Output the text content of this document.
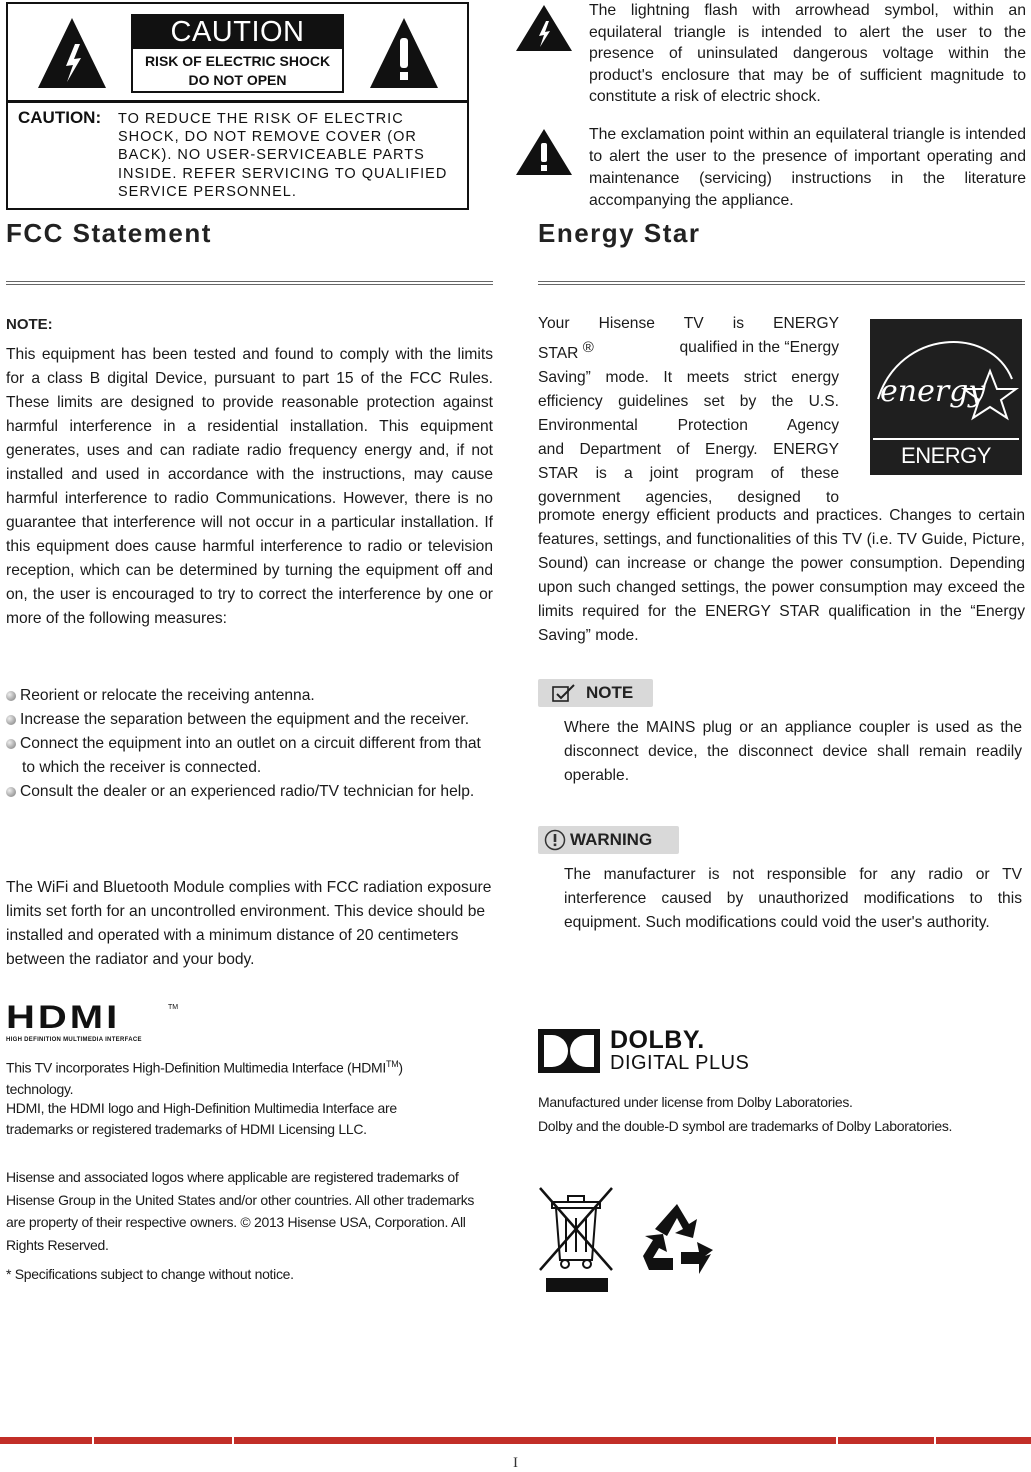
CAUTION
RISK OF ELECTRIC SHOCK
DO NOT OPEN
CAUTION: TO REDUCE THE RISK OF ELECTRIC
SHOCK, DO NOT REMOVE COVER (OR
BACK). NO USER-SERVICEABLE PARTS
INSIDE. REFER SERVICING TO QUALIFIED
SERVICE PERSONNEL.
The lightning flash with arrowhead symbol, within an equilateral triangle is intended to alert the user to the presence of uninsulated dangerous voltage within the product's enclosure that may be of sufficient magnitude to constitute a risk of electric shock.
The exclamation point within an equilateral triangle is intended to alert the user to the presence of important operating and maintenance (servicing) instructions in the literature accompanying the appliance.
FCC Statement
NOTE:
This equipment has been tested and found to comply with the limits for a class B digital Device, pursuant to part 15 of the FCC Rules. These limits are designed to provide reasonable protection against harmful interference in a residential installation. This equipment generates, uses and can radiate radio frequency energy and, if not installed and used in accordance with the instructions, may cause harmful interference to radio Communications. However, there is no guarantee that interference will not occur in a particular installation. If this equipment does cause harmful interference to radio or television reception, which can be determined by turning the equipment off and on, the user is encouraged to try to correct the interference by one or more of the following measures:
Reorient or relocate the receiving antenna.
Increase the separation between the equipment and the receiver.
Connect the equipment into an outlet on a circuit different from that to which the receiver is connected.
Consult the dealer or an experienced radio/TV technician for help.
The WiFi and Bluetooth Module complies with FCC radiation exposure limits set forth for an uncontrolled environment. This device should be installed and operated with a minimum distance of 20 centimeters between the radiator and your body.
HDMI	TM
HIGH DEFINITION MULTIMEDIA INTERFACE
This TV incorporates High-Definition Multimedia Interface (HDMI™) technology.
HDMI, the HDMI logo and High-Definition Multimedia Interface are trademarks or registered trademarks of HDMI Licensing LLC.
Hisense and associated logos where applicable are registered trademarks of Hisense Group in the United States and/or other countries. All other trademarks are property of their respective owners. © 2013 Hisense USA, Corporation. All Rights Reserved.
* Specifications subject to change without notice.
Energy Star
Your Hisense TV is ENERGY
STAR ®	qualified in the “Energy
Saving” mode. It meets strict energy
efficiency guidelines set by the U.S.
Environmental Protection Agency
and Department of Energy. ENERGY
STAR is a joint program of these
government agencies, designed to
promote energy efficient products and practices. Changes to certain features, settings, and functionalities of this TV (i.e. TV Guide, Picture, Sound) can increase or change the power consumption. Depending upon such changed settings, the power consumption may exceed the limits required for the ENERGY STAR qualification in the “Energy Saving” mode.
energy
ENERGY STAR
NOTE
Where the MAINS plug or an appliance coupler is used as the disconnect device, the disconnect device shall remain readily operable.
WARNING
The manufacturer is not responsible for any radio or TV interference caused by unauthorized modifications to this equipment. Such modifications could void the user's authority.
DOLBY.
DIGITAL PLUS
Manufactured under license from Dolby Laboratories.
Dolby and the double-D symbol are trademarks of Dolby Laboratories.
I
